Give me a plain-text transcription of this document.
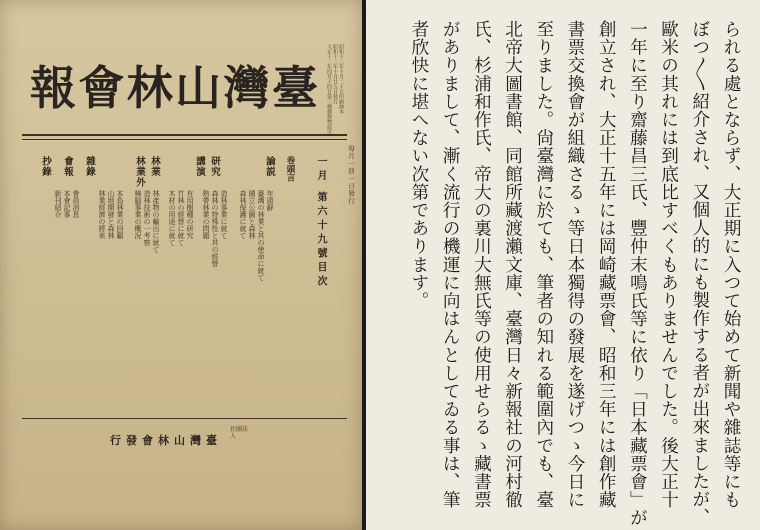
昭和十三年十月二十日印刷納本
昭和十三年十月廿五日發行
大正十二年四月十四日第三種郵便物認可
每月一回一日發行
報 會 林 山 灣 臺
一月 第六十九號目次
巻頭言
論説
研究
講演
林業
林業外
雜錄
會報
抄錄
年頭辭
臺灣の林業と其の使命に就て
國立公園と森林
森林保護に就て
造林事業に就て
森林の特殊性と其の經營
熱帶林業の問題
有用樹種の研究
竹林の經營に就て
木材の用途に就て
林產物の輸出に就て
造林技術の一考察
樟腦事業の概況
本島林業の回顧
山地開發と森林
林業經濟の將來
會員消息
本會記事
新刊紹介
行發會林山灣臺
社團法人	られる處とならず、大正期に入つて始めて新聞や雜誌等にも
ぼつ〱紹介され、又個人的にも製作する者が出來ましたが、
歐米の其れには到底比すべくもありませんでした。後大正十
一年に至り齋藤昌三氏、豐仲末鳴氏等に依り「日本藏票會」が
創立され、大正十五年には岡崎藏票會、昭和三年には創作藏
書票交換會が組織さるゝ等日本獨得の發展を遂げつゝ今日に
至りました。尙臺灣に於ても、筆者の知れる範圍內でも、臺
北帝大圖書館、同館所藏渡瀨文庫、臺灣日々新報社の河村徹
氏、杉浦和作氏、帝大の裏川大無氏等の使用せらるゝ藏書票
がありまして、漸く流行の機運に向はんとしてゐる事は、筆
者欣快に堪へない次第であります。
